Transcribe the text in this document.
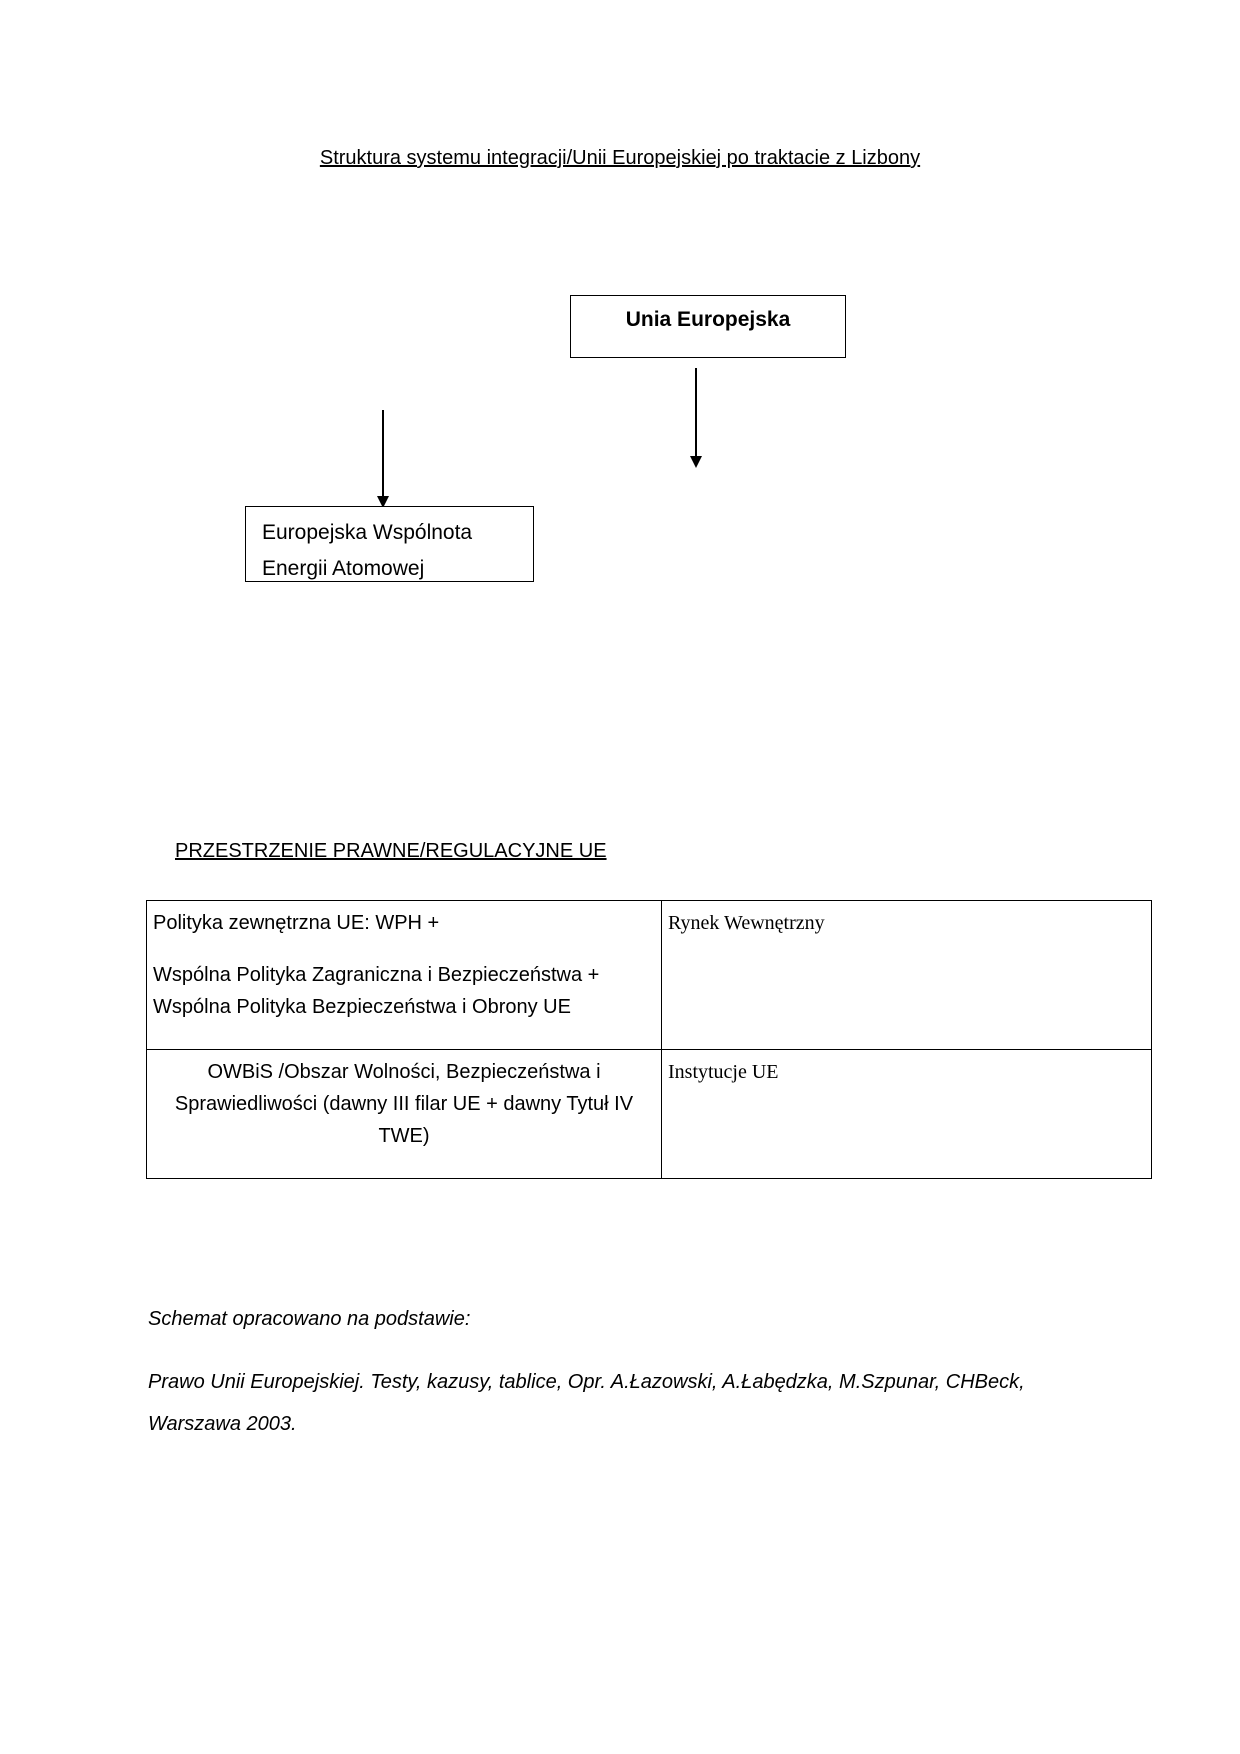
Struktura systemu integracji/Unii Europejskiej po traktacie z Lizbony
Unia Europejska
Europejska Wspólnota
Energii Atomowej
PRZESTRZENIE PRAWNE/REGULACYJNE UE
Polityka zewnętrzna UE: WPH +
Wspólna Polityka Zagraniczna i Bezpieczeństwa +
Wspólna Polityka Bezpieczeństwa i Obrony UE	Rynek Wewnętrzny

OWBiS /Obszar Wolności, Bezpieczeństwa i Sprawiedliwości (dawny III filar UE + dawny Tytuł IV TWE)	Instytucje UE
Schemat opracowano na podstawie:
Prawo Unii Europejskiej. Testy, kazusy, tablice, Opr. A.Łazowski, A.Łabędzka, M.Szpunar, CHBeck,
Warszawa 2003.
